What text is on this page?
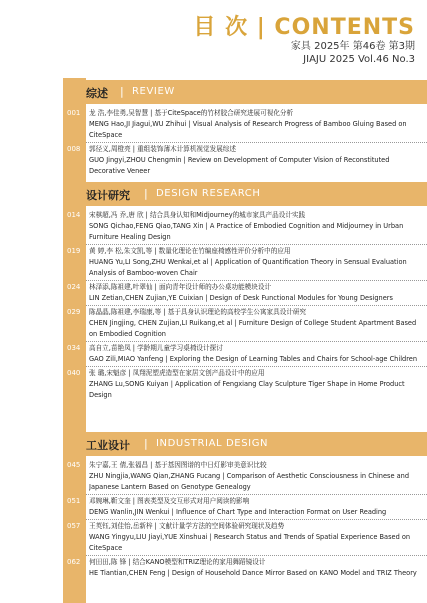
目 次 | CONTENTS
家具 2025年 第46卷 第3期
JIAJU 2025 Vol.46 No.3
综述 | REVIEW
001 龙 浩,李佳勇,吴智慧 | 基于CiteSpace的竹材胶合研究进展可视化分析
MENG Hao,JI Jiagui,WU Zhihui | Visual Analysis of Research Progress of Bamboo Gluing Based on
CiteSpace
008 郭径义,周橙亮 | 重组装饰薄木计算机视觉发展综述
GUO Jingyi,ZHOU Chengmin | Review on Development of Computer Vision of Reconstituted
Decorative Veneer
设计研究 | DESIGN RESEARCH
014 宋棋超,冯 乔,唐 欣 | 结合具身认知和Midjourney的城市家具产品设计实践
SONG Qichao,FENG Qiao,TANG Xin | A Practice of Embodied Cognition and Midjourney in Urban
Furniture Healing Design
019 黄 婷,李 松,朱文凯,等 | 数量化理论在竹编座椅感性评价分析中的应用
HUANG Yu,LI Song,ZHU Wenkai,et al | Application of Quantification Theory in Sensual Evaluation
Analysis of Bamboo-woven Chair
024 林泽添,陈祖建,叶翠仙 | 面向青年设计师的办公桌功能模块设计
LIN Zetian,CHEN Zujian,YE Cuixian | Design of Desk Functional Modules for Young Designers
029 陈晶晶,陈祖建,李瑞康,等 | 基于具身认识理论的高校学生公寓家具设计研究
CHEN Jingjing, CHEN Zujian,LI Ruikang,et al | Furniture Design of College Student Apartment Based
on Embodied Cognition
034 高自立,苗艳凤 | 学龄期儿童学习桌椅设计探讨
GAO Zili,MIAO Yanfeng | Exploring the Design of Learning Tables and Chairs for School-age Children
040 张 璐,宋魁彦 | 凤翔泥塑虎造型在家居文创产品设计中的应用
ZHANG Lu,SONG Kuiyan | Application of Fengxiang Clay Sculpture Tiger Shape in Home Product
Design
工业设计 | INDUSTRIAL DESIGN
045 朱宁嘉,王 倩,张福昌 | 基于基因图谱的中日灯影审美意识比较
ZHU Ningjia,WANG Qian,ZHANG Fucang | Comparison of Aesthetic Consciousness in Chinese and
Japanese Lantern Based on Genotype Genealogy
051 邓婉琳,靳文奎 | 图表类型及交互形式对用户阅读的影响
DENG Wanlin,JIN Wenkui | Influence of Chart Type and Interaction Format on User Reading
057 王英钰,刘佳怡,岳新梓 | 文献计量学方法的空间体验研究现状及趋势
WANG Yingyu,LIU Jiayi,YUE Xinshuai | Research Status and Trends of Spatial Experience Based on
CiteSpace
062 何田田,陈 锋 | 结合KANO模型和TRIZ理论的家用舞蹈镜设计
HE Tiantian,CHEN Feng | Design of Household Dance Mirror Based on KANO Model and TRIZ Theory
